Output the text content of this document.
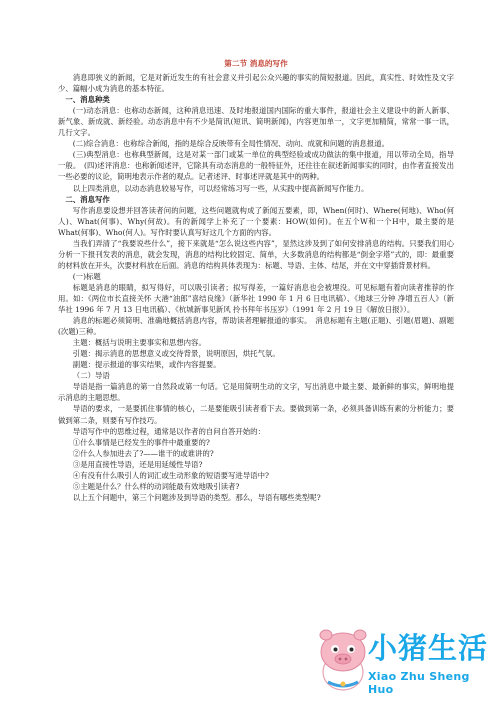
第二节 消息的写作

消息即狭义的新闻，它是对新近发生的有社会意义并引起公众兴趣的事实的简短报道。因此，真实性、时效性及文字少、篇幅小成为消息的基本特征。

一、消息种类

(一)动态消息：也称动态新闻，这种消息迅速、及时地报道国内国际的重大事件，报道社会主义建设中的新人新事、新气象、新成就、新经验。动态消息中有不少是简讯(短讯、简明新闻)，内容更加单一，文字更加精简，常常一事一讯，几行文字。

(二)综合消息：也称综合新闻，指的是综合反映带有全局性情况、动向、成就和问题的消息报道。

(三)典型消息：也称典型新闻，这是对某一部门或某一单位的典型经验或成功做法的集中报道，用以带动全局，指导一般。　(四)述评消息：也称新闻述评，它除具有动态消息的一般特征外，还往往在叙述新闻事实的同时，由作者直接发出一些必要的议论，简明地表示作者的观点。记者述评、时事述评就是其中的两种。

以上四类消息，以动态消息较易写作，可以经常练习写一些，从实践中提高新闻写作能力。

二、消息写作

写作消息要设想并回答读者问的问题，这些问题就构成了新闻五要素，即，When(何时)、Where(何地)、Who(何人)、What(何事)、Why(何故)。有的新闻学上补充了一个要素：HOW(如何)。在五个W和一个H中，最主要的是What(何事)、Who(何人)。写作时要认真写好这几个方面的内容。

当我们弄清了“我要说些什么”，接下来就是“怎么说这些内容”，显然这涉及到了如何安排消息的结构。只要我们用心分析一下报刊发表的消息，就会发现，消息的结构比较固定、简单，大多数消息的结构都是“倒金字塔”式的，即：最重要的材料放在开头，次要材料放在后面。消息的结构具体表现为：标题、导语、主体、结尾，并在文中穿插背景材料。

(一)标题

标题是消息的眼睛，拟写得好，可以吸引读者；拟写得差，一篇好消息也会被埋没。可见标题有着向读者推荐的作用。如：《两位市长直接关怀 大港“油郎”喜结良缘》（新华社 1990 年 1 月 6 日电讯稿）、《地球三分钟 净增五百人》（新华社 1996 年 7 月 13 日电讯稿）、《杭城新事见新风 拎书拜年书压岁》（1991 年 2 月 19 日《解放日报》）。

消息的标题必须简明、准确地概括消息内容，帮助读者理解报道的事实。　消息标题有主题(正题)、引题(眉题)、副题(次题)三种。

主题：概括与说明主要事实和思想内容。

引题：揭示消息的思想意义或交待背景，说明原因，烘托气氛。

副题：提示报道的事实结果，或作内容提要。

（二）导语

导语是指一篇消息的第一自然段或第一句话。它是用简明生动的文字，写出消息中最主要、最新鲜的事实，鲜明地提示消息的主题思想。

导语的要求，一是要抓住事情的核心，二是要能吸引读者看下去。要做到第一条，必须具备训练有素的分析能力；要做到第二条，则要有写作技巧。

导语写作中的思维过程，通常是以作者的自问自答开始的：

①什么事情是已经发生的事件中最重要的?

②什么人参加进去了?——谁干的或谁讲的?

③是用直接性导语，还是用延缓性导语?

④有没有什么吸引人的词汇或生动形象的短语要写进导语中?

⑤主题是什么？什么样的动词能最有效地吸引读者?

以上五个问题中，第三个问题涉及到导语的类型。那么，导语有哪些类型呢?

小猪生活
Xiao Zhu Sheng Huo
